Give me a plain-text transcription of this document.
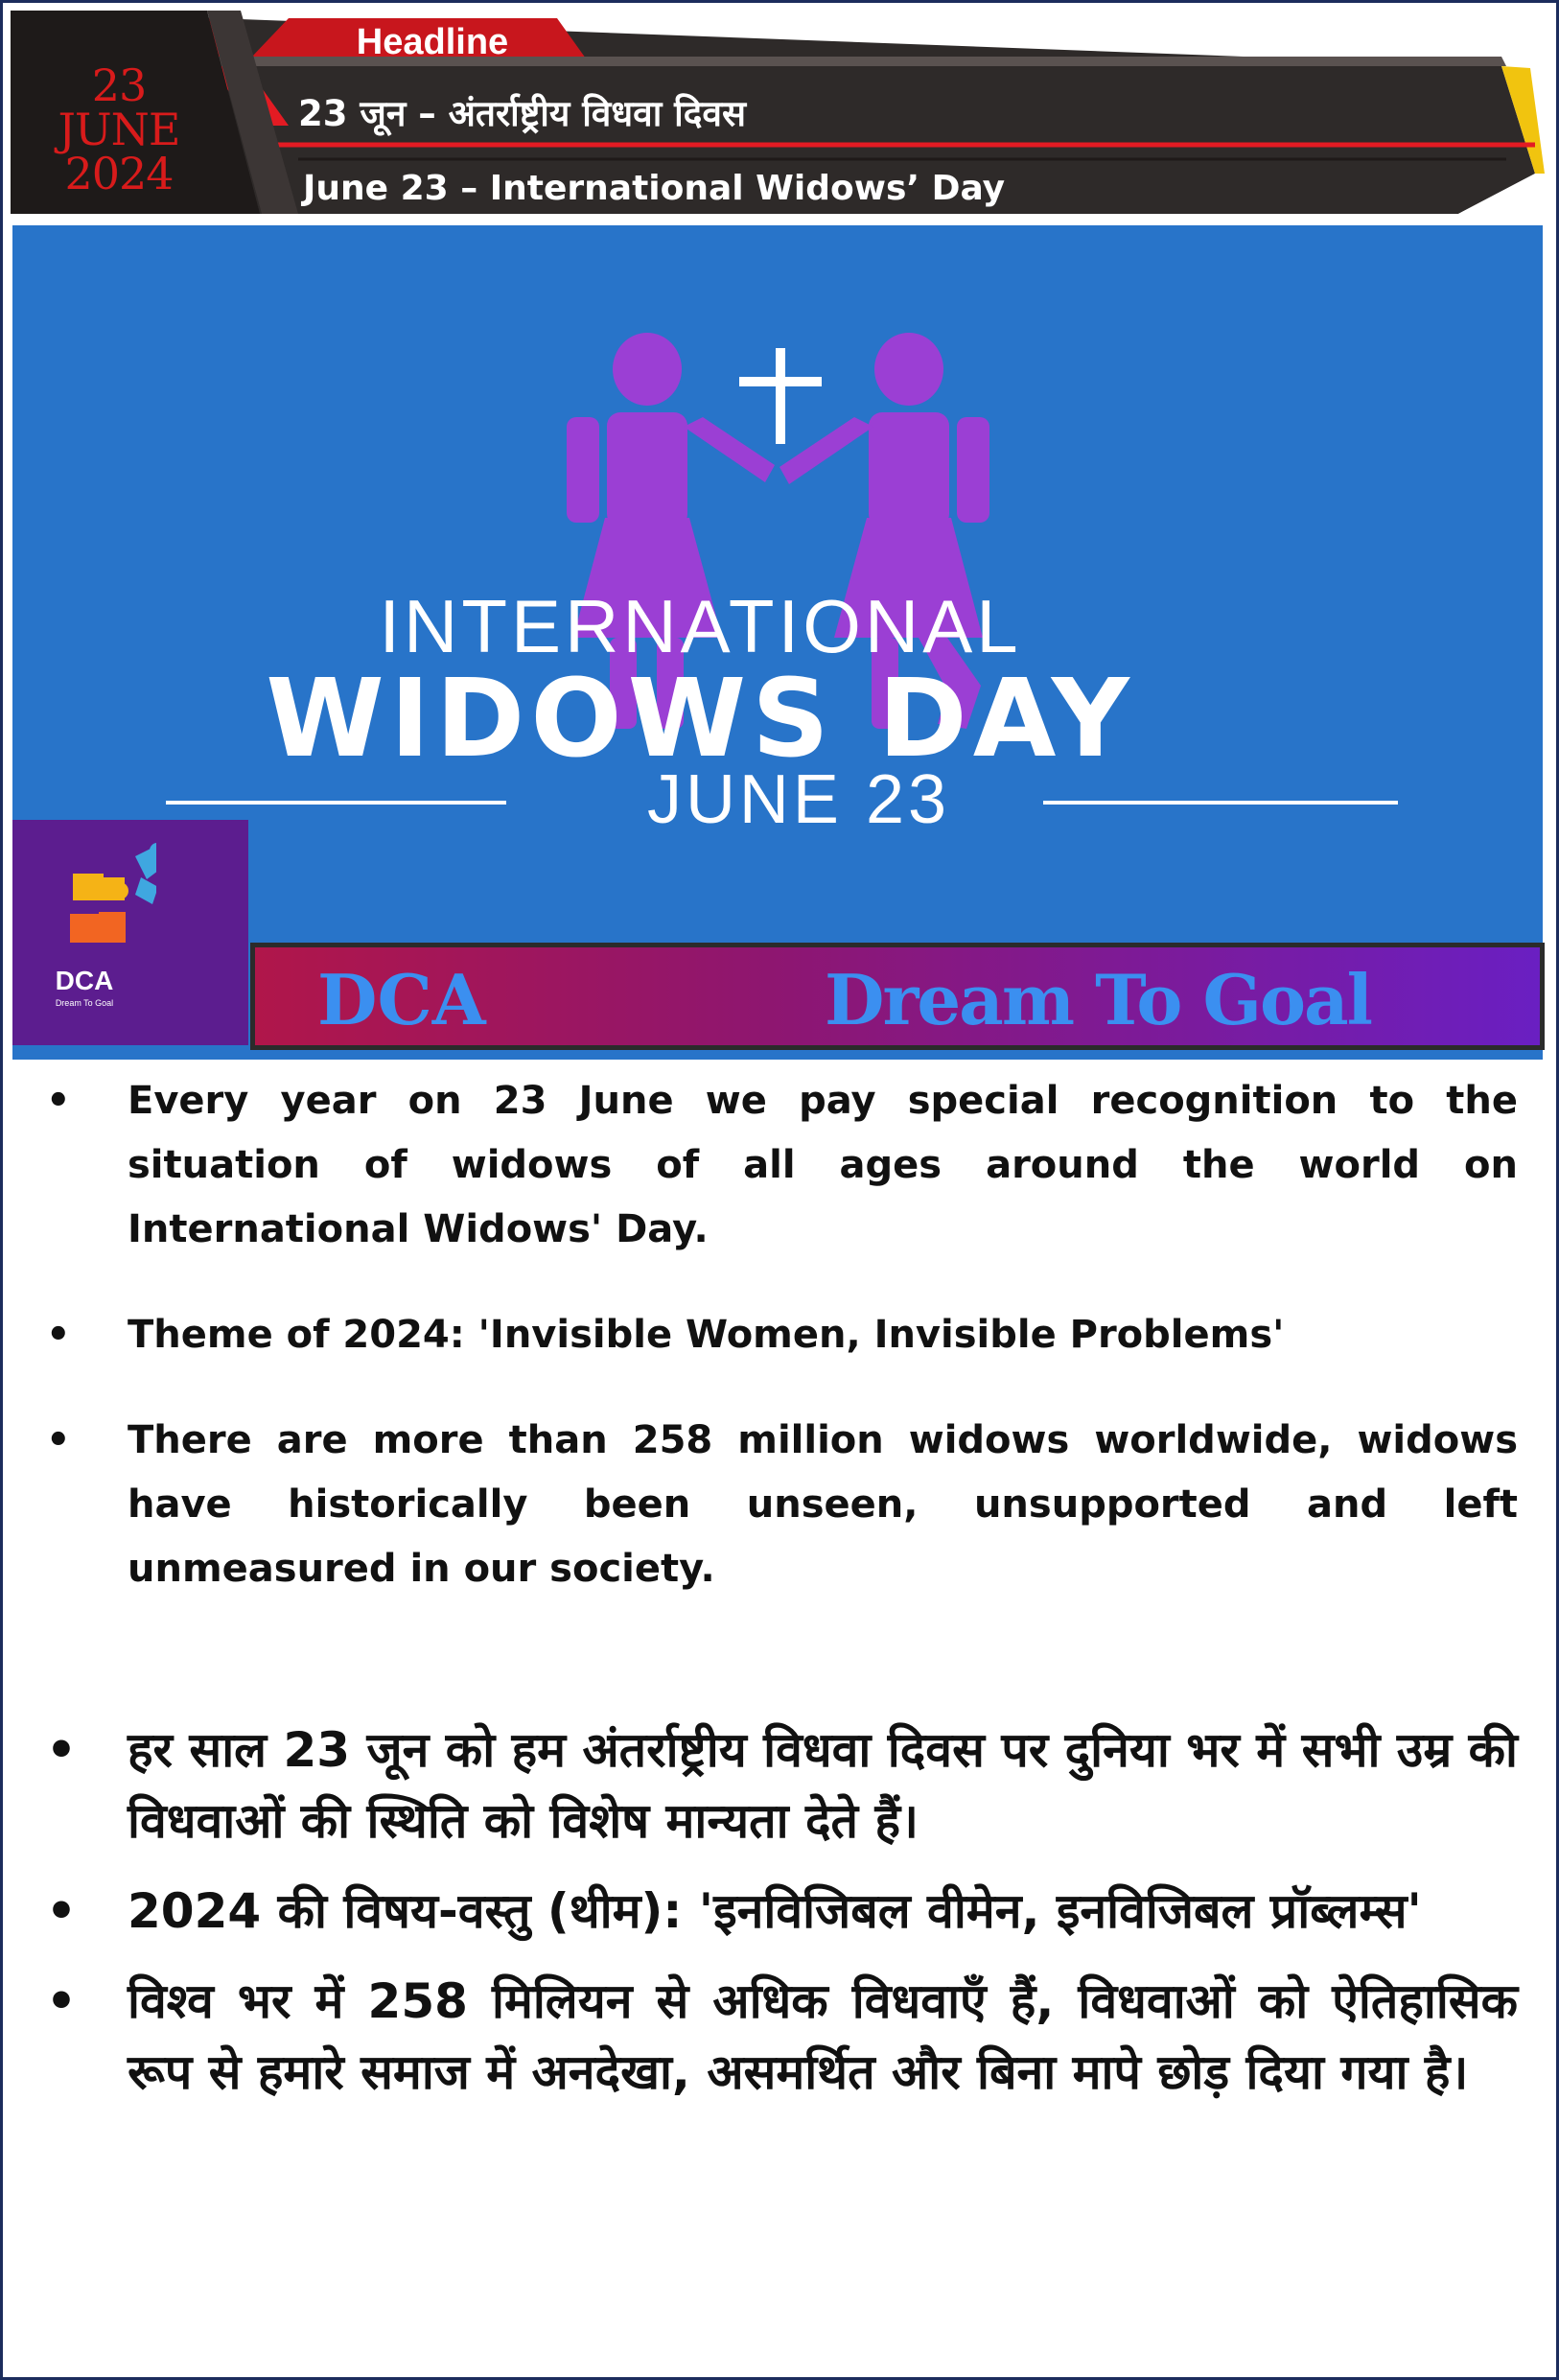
23
JUNE
2024
Headline
23 जून – अंतर्राष्ट्रीय विधवा दिवस
June 23 – International Widows’ Day
INTERNATIONAL
WIDOWS DAY
JUNE 23
DCA
Dream To Goal	DCA	Dream To Goal
• Every year on 23 June we pay special recognition to the situation of widows of all ages around the world on International Widows' Day.
• Theme of 2024: 'Invisible Women, Invisible Problems'
• There are more than 258 million widows worldwide, widows have historically been unseen, unsupported and left unmeasured in our society.
• हर साल 23 जून को हम अंतर्राष्ट्रीय विधवा दिवस पर दुनिया भर में सभी उम्र की विधवाओं की स्थिति को विशेष मान्यता देते हैं।
• 2024 की विषय-वस्तु (थीम): 'इनविजिबल वीमेन, इनविजिबल प्रॉब्लम्स'
• विश्व भर में 258 मिलियन से अधिक विधवाएँ हैं, विधवाओं को ऐतिहासिक रूप से हमारे समाज में अनदेखा, असमर्थित और बिना मापे छोड़ दिया गया है।
